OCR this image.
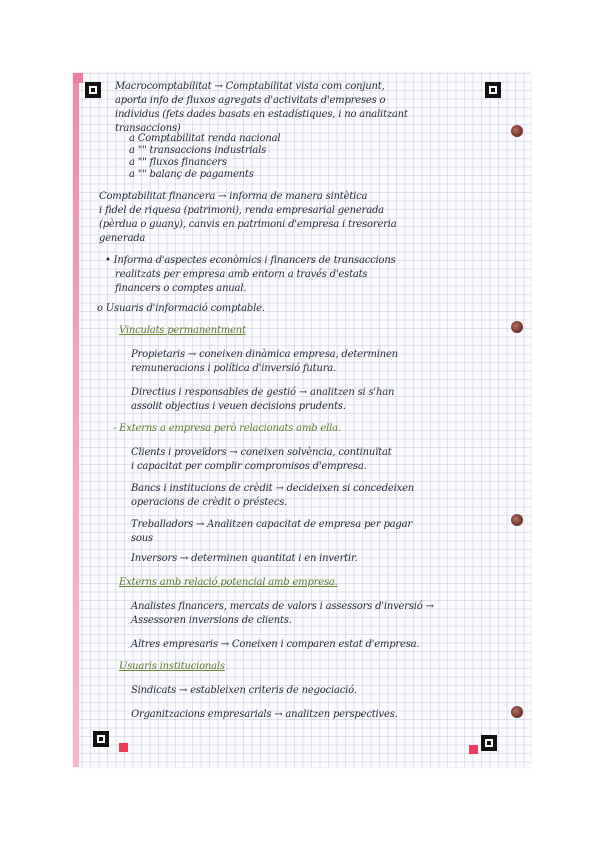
Macrocomptabilitat → Comptabilitat vista com conjunt,
aporta info de fluxos agregats d'activitats d'empreses o
individus (fets dades basats en estadístiques, i no analitzant
transaccions)
a Comptabilitat renda nacional
a "" transaccions industrials
a "" fluxos financers
a "" balanç de pagaments
Comptabilitat financera → informa de manera sintètica
i fidel de riquesa (patrimoni), renda empresarial generada
(pèrdua o guany), canvis en patrimoni d'empresa i tresoreria
generada
• Informa d'aspectes econòmics i financers de transaccions
realitzats per empresa amb entorn a través d'estats
financers o comptes anual.
o Usuaris d'informació comptable.
Vinculats permanentment
Propietaris → coneixen dinàmica empresa, determinen
remuneracions i política d'inversió futura.
Directius i responsables de gestió → analitzen si s'han
assolit objectius i veuen decisions prudents.
- Externs a empresa però relacionats amb ella.
Clients i proveïdors → coneixen solvència, continuïtat
i capacitat per complir compromisos d'empresa.
Bancs i institucions de crèdit → decideixen si concedeixen
operacions de crèdit o préstecs.
Treballadors → Analitzen capacitat de empresa per pagar
sous
Inversors → determinen quantitat i en invertir.
Externs amb relació potencial amb empresa.
Analistes financers, mercats de valors i assessors d'inversió →
Assessoren inversions de clients.
Altres empresaris → Coneixen i comparen estat d'empresa.
Usuaris institucionals
Sindicats → estableixen criteris de negociació.
Organitzacions empresarials → analitzen perspectives.
